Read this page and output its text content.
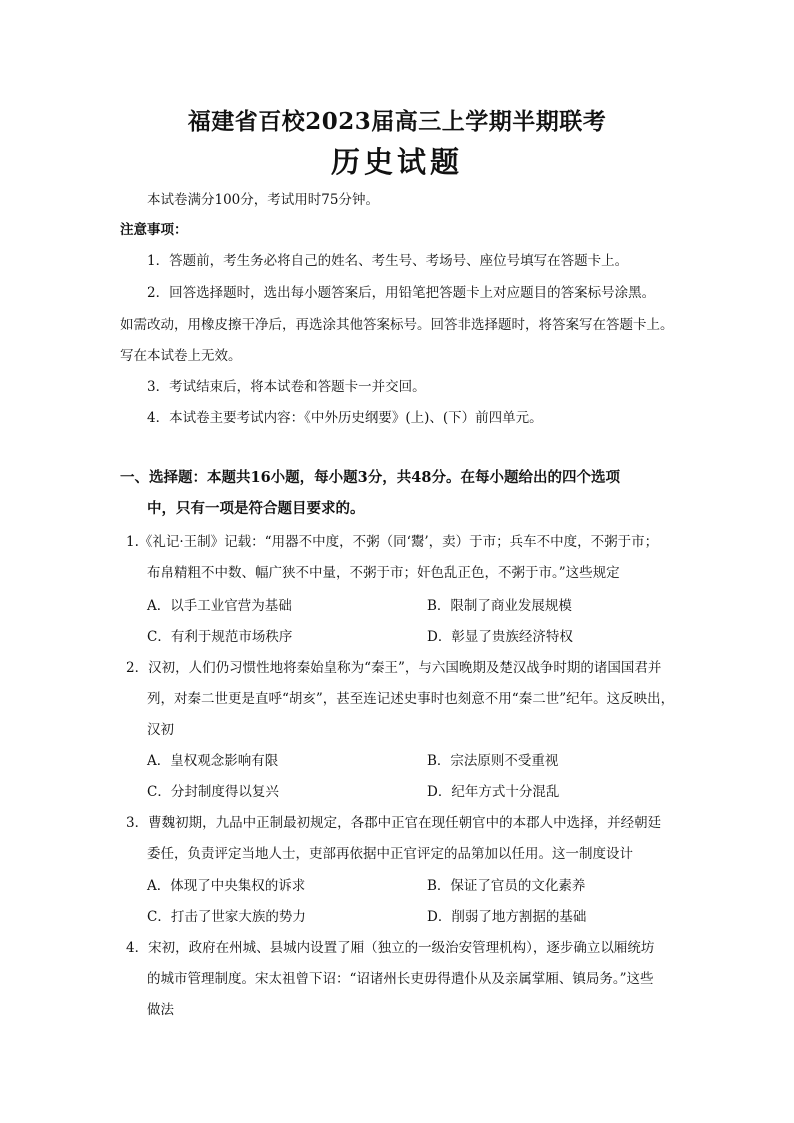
福建省百校2023届高三上学期半期联考
历史试题
本试卷满分100分，考试用时75分钟。
注意事项：
1．答题前，考生务必将自己的姓名、考生号、考场号、座位号填写在答题卡上。
2．回答选择题时，选出每小题答案后，用铅笔把答题卡上对应题目的答案标号涂黑。
如需改动，用橡皮擦干净后，再选涂其他答案标号。回答非选择题时，将答案写在答题卡上。
写在本试卷上无效。
3．考试结束后，将本试卷和答题卡一并交回。
4．本试卷主要考试内容：《中外历史纲要》(上)、(下）前四单元。
一、选择题：本题共16小题，每小题3分，共48分。在每小题给出的四个选项
中，只有一项是符合题目要求的。
1.《礼记·王制》记载：“用器不中度，不粥（同‘鬻’，卖）于市；兵车不中度，不粥于市；
布帛精粗不中数、幅广狭不中量，不粥于市；奸色乱正色，不粥于市。”这些规定
A．以手工业官营为基础	B．限制了商业发展规模
C．有利于规范市场秩序	D．彰显了贵族经济特权
2．汉初，人们仍习惯性地将秦始皇称为“秦王”，与六国晚期及楚汉战争时期的诸国国君并
列，对秦二世更是直呼“胡亥”，甚至连记述史事时也刻意不用“秦二世”纪年。这反映出，
汉初
A．皇权观念影响有限	B．宗法原则不受重视
C．分封制度得以复兴	D．纪年方式十分混乱
3．曹魏初期，九品中正制最初规定，各郡中正官在现任朝官中的本郡人中选择，并经朝廷
委任，负责评定当地人士，吏部再依据中正官评定的品第加以任用。这一制度设计
A．体现了中央集权的诉求	B．保证了官员的文化素养
C．打击了世家大族的势力	D．削弱了地方割据的基础
4．宋初，政府在州城、县城内设置了厢（独立的一级治安管理机构），逐步确立以厢统坊
的城市管理制度。宋太祖曾下诏：“诏诸州长吏毋得遣仆从及亲属掌厢、镇局务。”这些
做法
